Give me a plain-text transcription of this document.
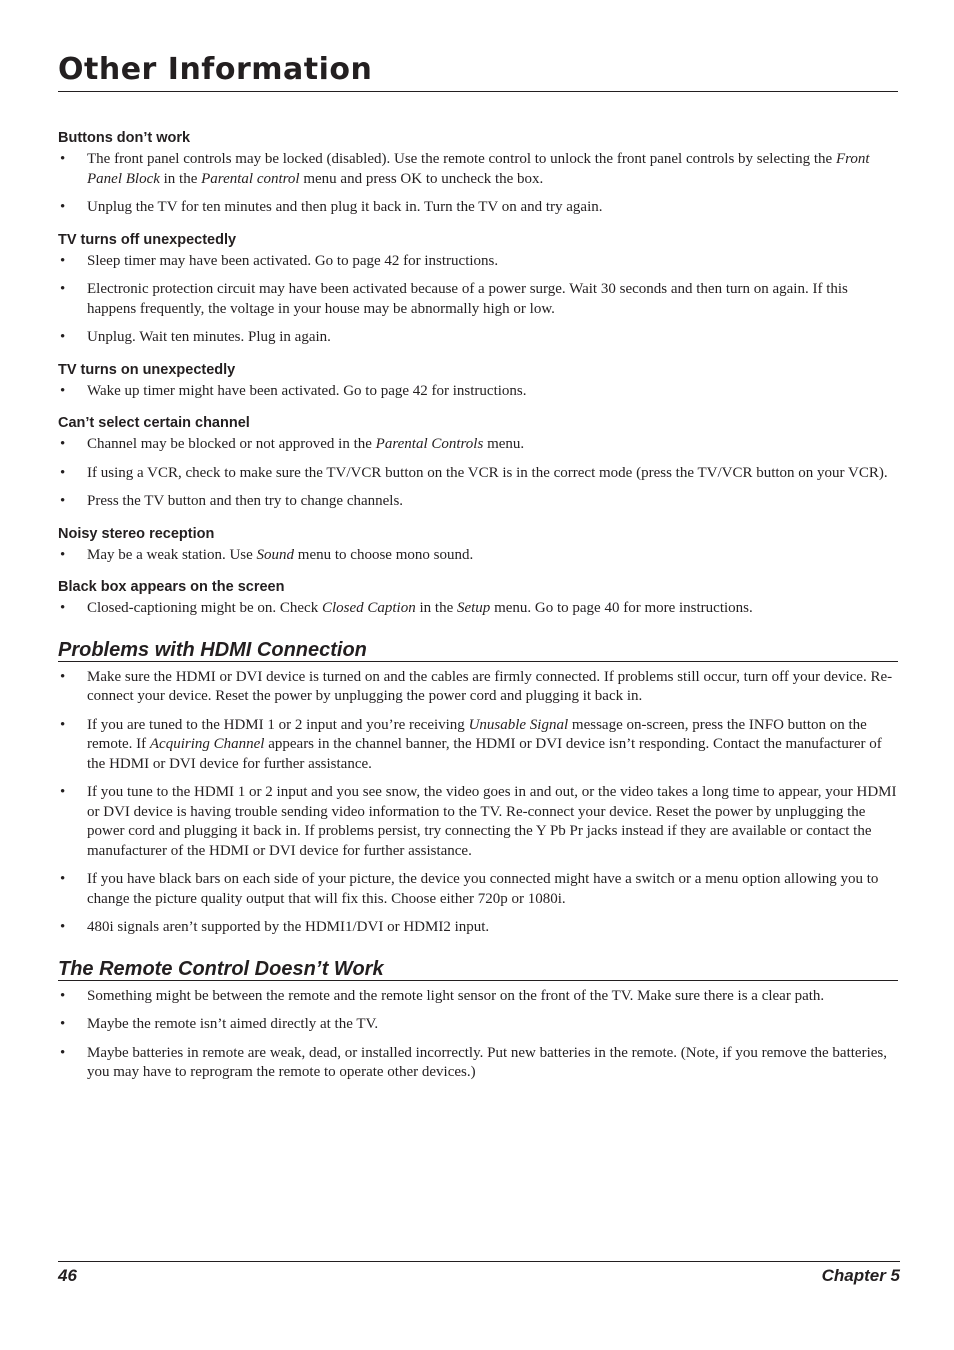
Other Information
Buttons don’t work
• The front panel controls may be locked (disabled). Use the remote control to unlock the front panel controls by selecting the Front Panel Block in the Parental control menu and press OK to uncheck the box.
• Unplug the TV for ten minutes and then plug it back in. Turn the TV on and try again.
TV turns off unexpectedly
• Sleep timer may have been activated. Go to page 42 for instructions.
• Electronic protection circuit may have been activated because of a power surge. Wait 30 seconds and then turn on again. If this happens frequently, the voltage in your house may be abnormally high or low.
• Unplug. Wait ten minutes. Plug in again.
TV turns on unexpectedly
• Wake up timer might have been activated. Go to page 42 for instructions.
Can’t select certain channel
• Channel may be blocked or not approved in the Parental Controls menu.
• If using a VCR, check to make sure the TV/VCR button on the VCR is in the correct mode (press the TV/VCR button on your VCR).
• Press the TV button and then try to change channels.
Noisy stereo reception
• May be a weak station. Use Sound menu to choose mono sound.
Black box appears on the screen
• Closed-captioning might be on. Check Closed Caption in the Setup menu. Go to page 40 for more instructions.
Problems with HDMI Connection
• Make sure the HDMI or DVI device is turned on and the cables are firmly connected. If problems still occur, turn off your device. Re-connect your device. Reset the power by unplugging the power cord and plugging it back in.
• If you are tuned to the HDMI 1 or 2 input and you’re receiving Unusable Signal message on-screen, press the INFO button on the remote. If Acquiring Channel appears in the channel banner, the HDMI or DVI device isn’t responding. Contact the manufacturer of the HDMI or DVI device for further assistance.
• If you tune to the HDMI 1 or 2 input and you see snow, the video goes in and out, or the video takes a long time to appear, your HDMI or DVI device is having trouble sending video information to the TV. Re-connect your device. Reset the power by unplugging the power cord and plugging it back in. If problems persist, try connecting the Y Pb Pr jacks instead if they are available or contact the manufacturer of the HDMI or DVI device for further assistance.
• If you have black bars on each side of your picture, the device you connected might have a switch or a menu option allowing you to change the picture quality output that will fix this. Choose either 720p or 1080i.
• 480i signals aren’t supported by the HDMI1/DVI or HDMI2 input.
The Remote Control Doesn’t Work
• Something might be between the remote and the remote light sensor on the front of the TV. Make sure there is a clear path.
• Maybe the remote isn’t aimed directly at the TV.
• Maybe batteries in remote are weak, dead, or installed incorrectly. Put new batteries in the remote. (Note, if you remove the batteries, you may have to reprogram the remote to operate other devices.)
46	Chapter 5
